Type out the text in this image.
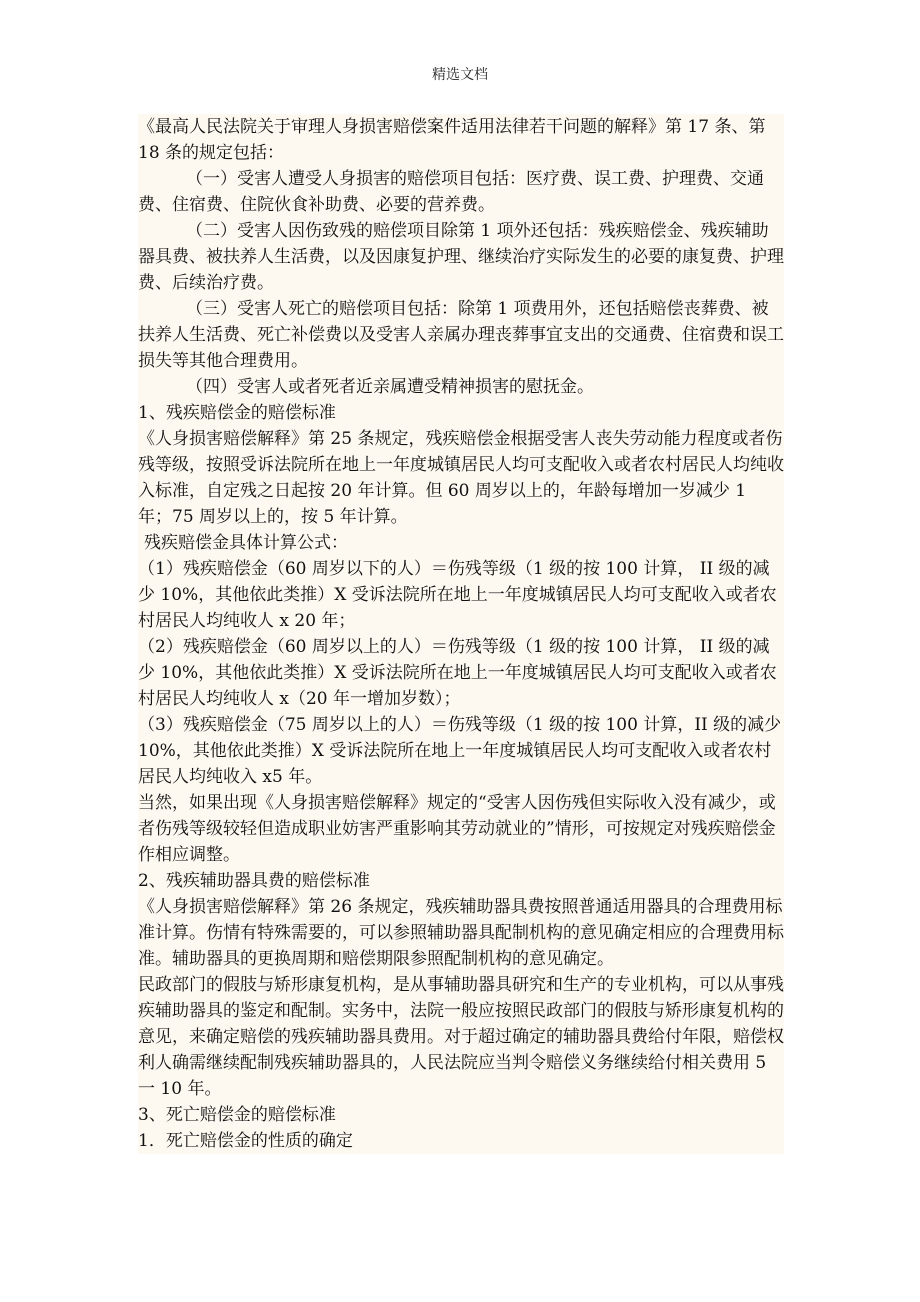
精选文档

《最高人民法院关于审理人身损害赔偿案件适用法律若干问题的解释》第 17 条、第 18 条的规定包括：

（一）受害人遭受人身损害的赔偿项目包括：医疗费、误工费、护理费、交通费、住宿费、住院伙食补助费、必要的营养费。

（二）受害人因伤致残的赔偿项目除第 1 项外还包括：残疾赔偿金、残疾辅助器具费、被扶养人生活费，以及因康复护理、继续治疗实际发生的必要的康复费、护理费、后续治疗费。

（三）受害人死亡的赔偿项目包括：除第 1 项费用外，还包括赔偿丧葬费、被扶养人生活费、死亡补偿费以及受害人亲属办理丧葬事宜支出的交通费、住宿费和误工损失等其他合理费用。

（四）受害人或者死者近亲属遭受精神损害的慰抚金。

1、残疾赔偿金的赔偿标准

《人身损害赔偿解释》第 25 条规定，残疾赔偿金根据受害人丧失劳动能力程度或者伤残等级，按照受诉法院所在地上一年度城镇居民人均可支配收入或者农村居民人均纯收入标准，自定残之日起按 20 年计算。但 60 周岁以上的，年龄每增加一岁减少 1 年；75 周岁以上的，按 5 年计算。

残疾赔偿金具体计算公式：

（1）残疾赔偿金（60 周岁以下的人）＝伤残等级（1 级的按 100 计算， II 级的减少 10%，其他依此类推）X 受诉法院所在地上一年度城镇居民人均可支配收入或者农村居民人均纯收人 x 20 年；

（2）残疾赔偿金（60 周岁以上的人）＝伤残等级（1 级的按 100 计算， II 级的减少 10%，其他依此类推）X 受诉法院所在地上一年度城镇居民人均可支配收入或者农村居民人均纯收人 x（20 年一增加岁数）；

（3）残疾赔偿金（75 周岁以上的人）＝伤残等级（1 级的按 100 计算，II 级的减少 10%，其他依此类推）X 受诉法院所在地上一年度城镇居民人均可支配收入或者农村居民人均纯收入 x5 年。

当然，如果出现《人身损害赔偿解释》规定的“受害人因伤残但实际收入没有减少，或者伤残等级较轻但造成职业妨害严重影响其劳动就业的”情形，可按规定对残疾赔偿金作相应调整。

2、残疾辅助器具费的赔偿标准

《人身损害赔偿解释》第 26 条规定，残疾辅助器具费按照普通适用器具的合理费用标准计算。伤情有特殊需要的，可以参照辅助器具配制机构的意见确定相应的合理费用标准。辅助器具的更换周期和赔偿期限参照配制机构的意见确定。

民政部门的假肢与矫形康复机构，是从事辅助器具研究和生产的专业机构，可以从事残疾辅助器具的鉴定和配制。实务中，法院一般应按照民政部门的假肢与矫形康复机构的意见，来确定赔偿的残疾辅助器具费用。对于超过确定的辅助器具费给付年限，赔偿权利人确需继续配制残疾辅助器具的，人民法院应当判令赔偿义务继续给付相关费用 5 一 10 年。

3、死亡赔偿金的赔偿标准

1．死亡赔偿金的性质的确定
